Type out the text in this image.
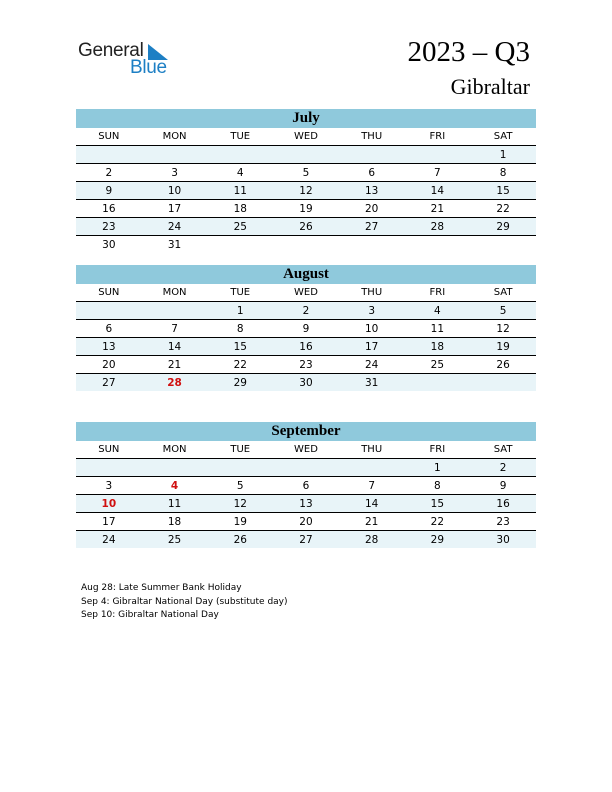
General
Blue	2023 – Q3
Gibraltar
July
SUN	MON	TUE	WED	THU	FRI	SAT
						1
2	3	4	5	6	7	8
9	10	11	12	13	14	15
16	17	18	19	20	21	22
23	24	25	26	27	28	29
30	31					
August
SUN	MON	TUE	WED	THU	FRI	SAT
		1	2	3	4	5
6	7	8	9	10	11	12
13	14	15	16	17	18	19
20	21	22	23	24	25	26
27	28	29	30	31		
September
SUN	MON	TUE	WED	THU	FRI	SAT
					1	2
3	4	5	6	7	8	9
10	11	12	13	14	15	16
17	18	19	20	21	22	23
24	25	26	27	28	29	30
Aug 28: Late Summer Bank Holiday
Sep 4: Gibraltar National Day (substitute day)
Sep 10: Gibraltar National Day
